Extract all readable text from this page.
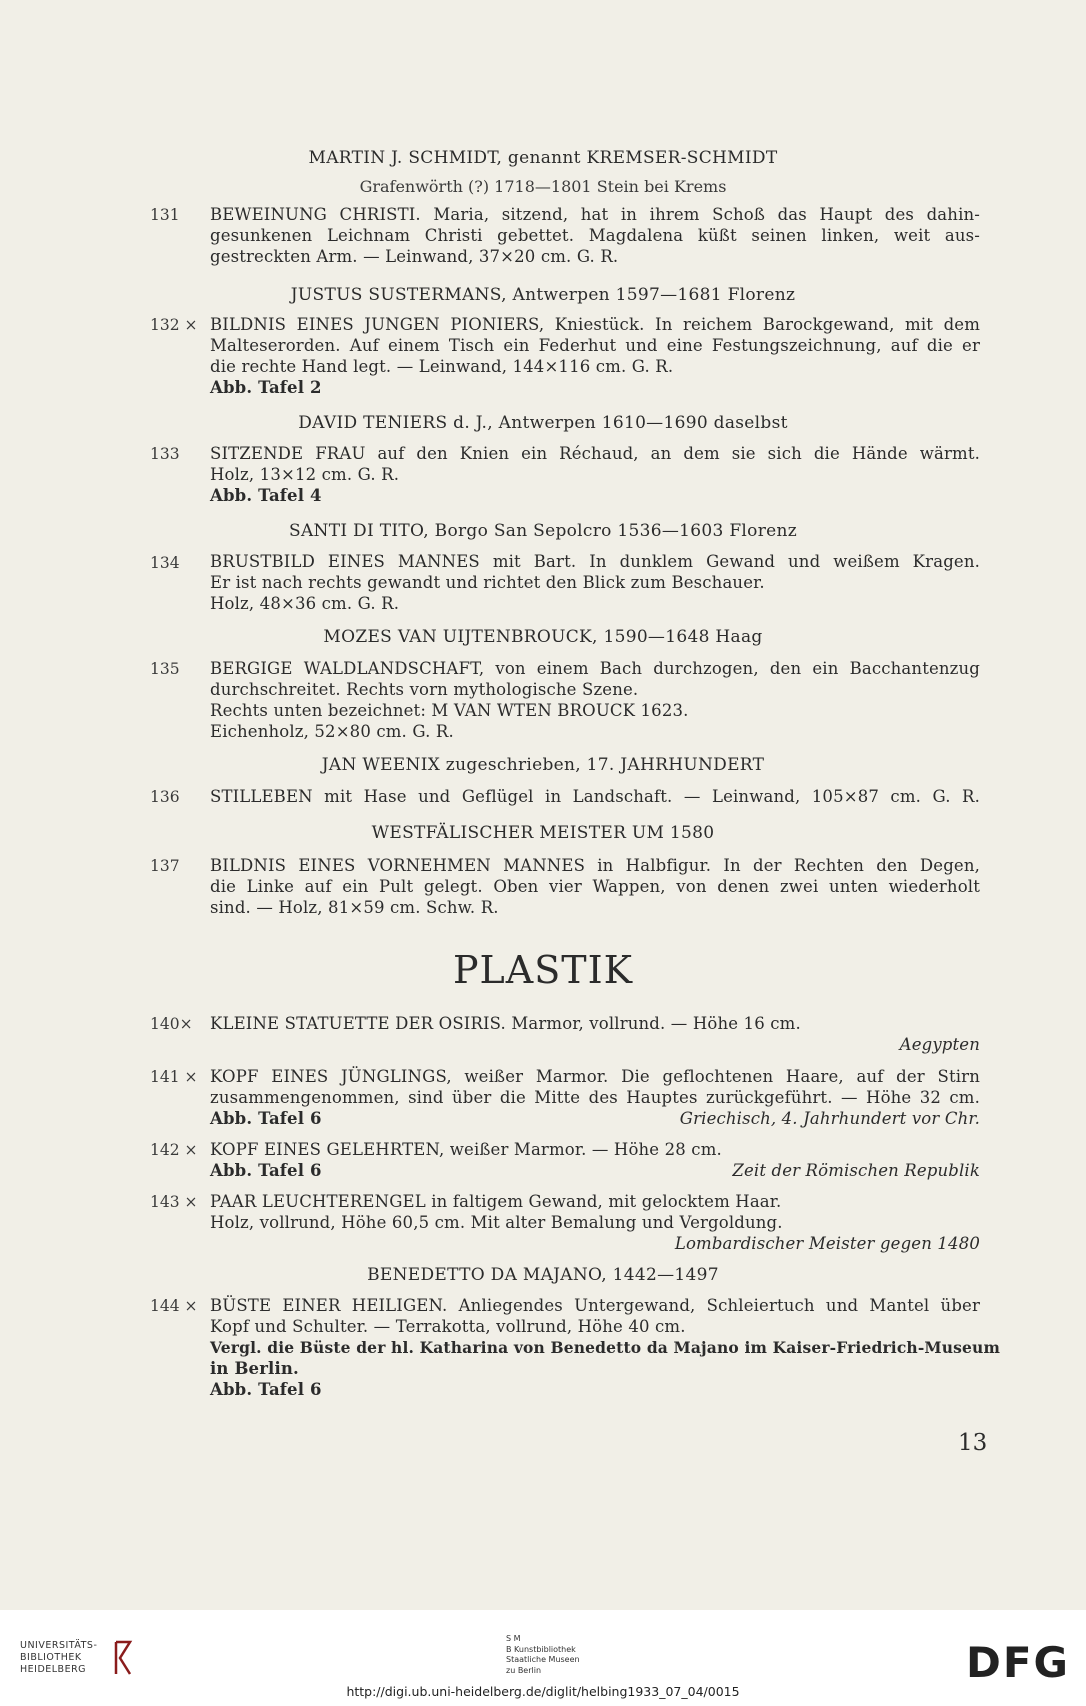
MARTIN J. SCHMIDT, genannt KREMSER-SCHMIDT
Grafenwörth (?) 1718—1801 Stein bei Krems
131 BEWEINUNG CHRISTI. Maria, sitzend, hat in ihrem Schoß das Haupt des dahin-
gesunkenen Leichnam Christi gebettet. Magdalena küßt seinen linken, weit aus-
gestreckten Arm. — Leinwand, 37×20 cm. G. R.
JUSTUS SUSTERMANS, Antwerpen 1597—1681 Florenz
132 × BILDNIS EINES JUNGEN PIONIERS, Kniestück. In reichem Barockgewand, mit dem
Malteserorden. Auf einem Tisch ein Federhut und eine Festungszeichnung, auf die er
die rechte Hand legt. — Leinwand, 144×116 cm. G. R.
Abb. Tafel 2
DAVID TENIERS d. J., Antwerpen 1610—1690 daselbst
133 SITZENDE FRAU auf den Knien ein Réchaud, an dem sie sich die Hände wärmt.
Holz, 13×12 cm. G. R.
Abb. Tafel 4
SANTI DI TITO, Borgo San Sepolcro 1536—1603 Florenz
134 BRUSTBILD EINES MANNES mit Bart. In dunklem Gewand und weißem Kragen.
Er ist nach rechts gewandt und richtet den Blick zum Beschauer.
Holz, 48×36 cm. G. R.
MOZES VAN UIJTENBROUCK, 1590—1648 Haag
135 BERGIGE WALDLANDSCHAFT, von einem Bach durchzogen, den ein Bacchantenzug
durchschreitet. Rechts vorn mythologische Szene.
Rechts unten bezeichnet: M VAN WTEN BROUCK 1623.
Eichenholz, 52×80 cm. G. R.
JAN WEENIX zugeschrieben, 17. JAHRHUNDERT
136 STILLEBEN mit Hase und Geflügel in Landschaft. — Leinwand, 105×87 cm. G. R.
WESTFÄLISCHER MEISTER UM 1580
137 BILDNIS EINES VORNEHMEN MANNES in Halbfigur. In der Rechten den Degen,
die Linke auf ein Pult gelegt. Oben vier Wappen, von denen zwei unten wiederholt
sind. — Holz, 81×59 cm. Schw. R.
PLASTIK
140× KLEINE STATUETTE DER OSIRIS. Marmor, vollrund. — Höhe 16 cm.
Aegypten
141 × KOPF EINES JÜNGLINGS, weißer Marmor. Die geflochtenen Haare, auf der Stirn
zusammengenommen, sind über die Mitte des Hauptes zurückgeführt. — Höhe 32 cm.
Abb. Tafel 6	Griechisch, 4. Jahrhundert vor Chr.
142 × KOPF EINES GELEHRTEN, weißer Marmor. — Höhe 28 cm.
Abb. Tafel 6	Zeit der Römischen Republik
143 × PAAR LEUCHTERENGEL in faltigem Gewand, mit gelocktem Haar.
Holz, vollrund, Höhe 60,5 cm. Mit alter Bemalung und Vergoldung.
Lombardischer Meister gegen 1480
BENEDETTO DA MAJANO, 1442—1497
144 × BÜSTE EINER HEILIGEN. Anliegendes Untergewand, Schleiertuch und Mantel über
Kopf und Schulter. — Terrakotta, vollrund, Höhe 40 cm.
Vergl. die Büste der hl. Katharina von Benedetto da Majano im Kaiser-Friedrich-Museum
in Berlin.
Abb. Tafel 6
13
UNIVERSITÄTS-
BIBLIOTHEK
HEIDELBERG
S M
B Kunstbibliothek
Staatliche Museen
zu Berlin	DFG
http://digi.ub.uni-heidelberg.de/diglit/helbing1933_07_04/0015
